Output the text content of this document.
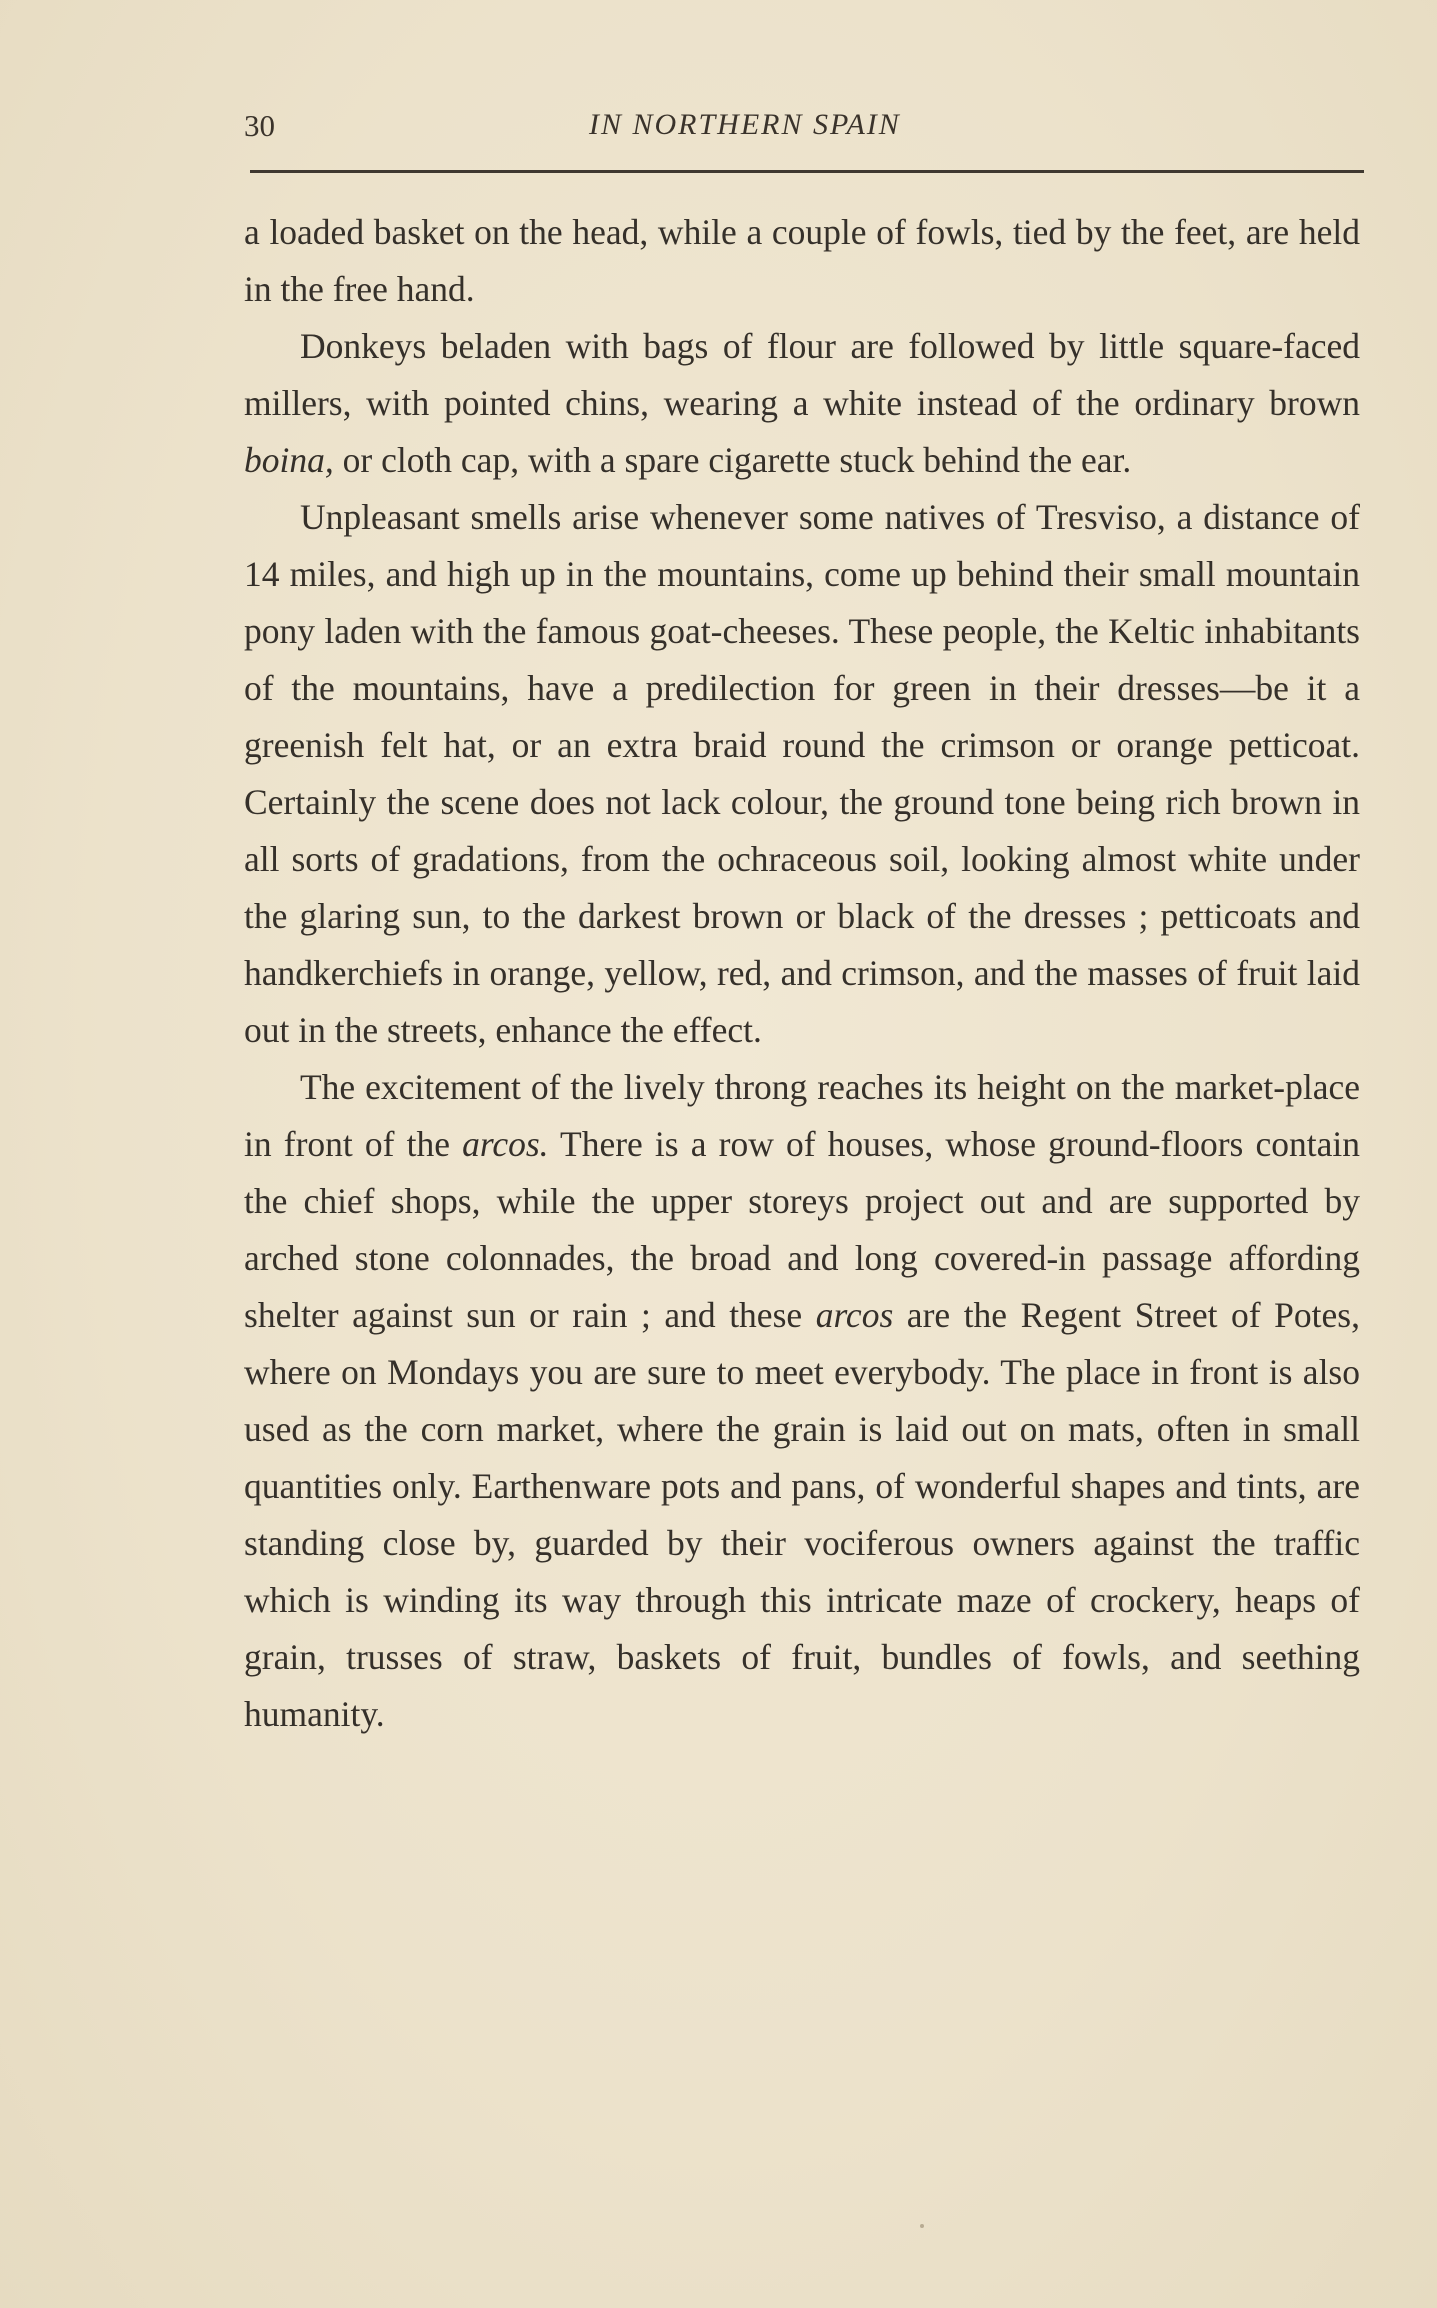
30	IN NORTHERN SPAIN

a loaded basket on the head, while a couple of fowls, tied by the feet, are held in the free hand.

Donkeys beladen with bags of flour are followed by little square-faced millers, with pointed chins, wearing a white instead of the ordinary brown boina, or cloth cap, with a spare cigarette stuck behind the ear.

Unpleasant smells arise whenever some natives of Tresviso, a distance of 14 miles, and high up in the mountains, come up behind their small mountain pony laden with the famous goat-cheeses. These people, the Keltic inhabitants of the mountains, have a predilection for green in their dresses—be it a greenish felt hat, or an extra braid round the crimson or orange petticoat. Certainly the scene does not lack colour, the ground tone being rich brown in all sorts of gradations, from the ochraceous soil, looking almost white under the glaring sun, to the darkest brown or black of the dresses ; petticoats and handkerchiefs in orange, yellow, red, and crimson, and the masses of fruit laid out in the streets, enhance the effect.

The excitement of the lively throng reaches its height on the market-place in front of the arcos. There is a row of houses, whose ground-floors contain the chief shops, while the upper storeys project out and are supported by arched stone colonnades, the broad and long covered-in passage affording shelter against sun or rain ; and these arcos are the Regent Street of Potes, where on Mondays you are sure to meet everybody. The place in front is also used as the corn market, where the grain is laid out on mats, often in small quantities only. Earthenware pots and pans, of wonderful shapes and tints, are standing close by, guarded by their vociferous owners against the traffic which is winding its way through this intricate maze of crockery, heaps of grain, trusses of straw, baskets of fruit, bundles of fowls, and seething humanity.
